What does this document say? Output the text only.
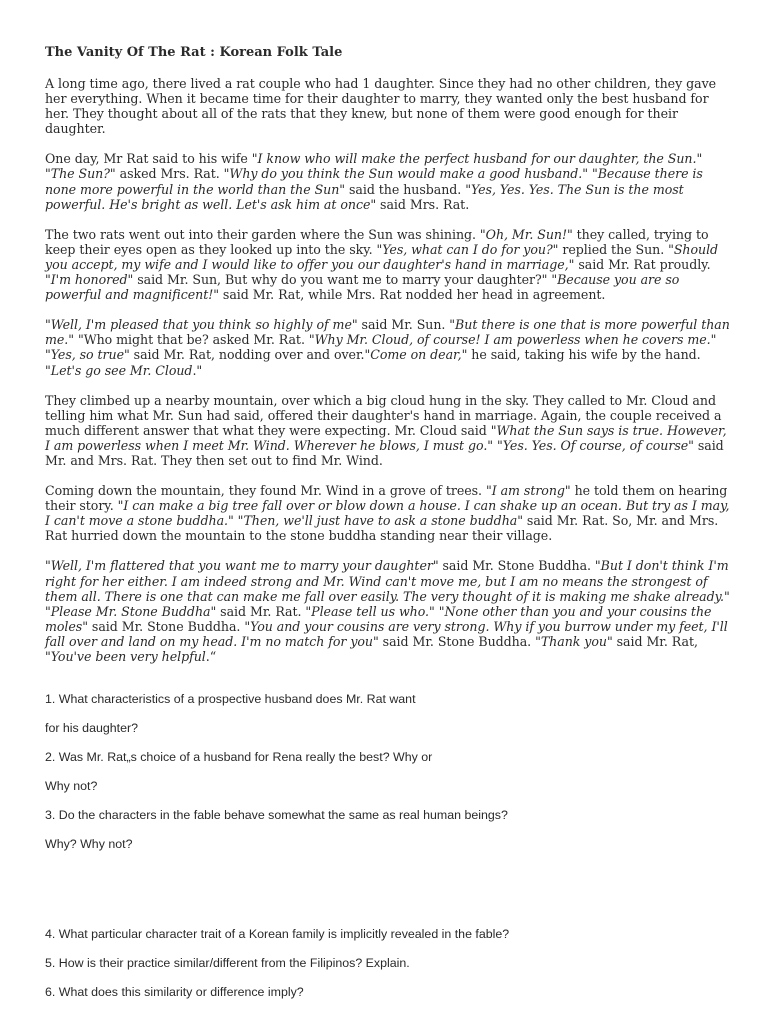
The Vanity Of The Rat : Korean Folk Tale

A long time ago, there lived a rat couple who had 1 daughter. Since they had no other children, they gave her everything. When it became time for their daughter to marry, they wanted only the best husband for her. They thought about all of the rats that they knew, but none of them were good enough for their daughter.

One day, Mr Rat said to his wife "I know who will make the perfect husband for our daughter, the Sun." "The Sun?" asked Mrs. Rat. "Why do you think the Sun would make a good husband." "Because there is none more powerful in the world than the Sun" said the husband. "Yes, Yes. Yes. The Sun is the most powerful. He's bright as well. Let's ask him at once" said Mrs. Rat.

The two rats went out into their garden where the Sun was shining. "Oh, Mr. Sun!" they called, trying to keep their eyes open as they looked up into the sky. "Yes, what can I do for you?" replied the Sun. "Should you accept, my wife and I would like to offer you our daughter's hand in marriage," said Mr. Rat proudly. "I'm honored" said Mr. Sun, But why do you want me to marry your daughter?" "Because you are so powerful and magnificent!" said Mr. Rat, while Mrs. Rat nodded her head in agreement.

"Well, I'm pleased that you think so highly of me" said Mr. Sun. "But there is one that is more powerful than me." "Who might that be? asked Mr. Rat. "Why Mr. Cloud, of course! I am powerless when he covers me." "Yes, so true" said Mr. Rat, nodding over and over."Come on dear," he said, taking his wife by the hand. "Let's go see Mr. Cloud."

They climbed up a nearby mountain, over which a big cloud hung in the sky. They called to Mr. Cloud and telling him what Mr. Sun had said, offered their daughter's hand in marriage. Again, the couple received a much different answer that what they were expecting. Mr. Cloud said "What the Sun says is true. However, I am powerless when I meet Mr. Wind. Wherever he blows, I must go." "Yes. Yes. Of course, of course" said Mr. and Mrs. Rat. They then set out to find Mr. Wind.

Coming down the mountain, they found Mr. Wind in a grove of trees. "I am strong" he told them on hearing their story. "I can make a big tree fall over or blow down a house. I can shake up an ocean. But try as I may, I can't move a stone buddha." "Then, we'll just have to ask a stone buddha" said Mr. Rat. So, Mr. and Mrs. Rat hurried down the mountain to the stone buddha standing near their village.

"Well, I'm flattered that you want me to marry your daughter" said Mr. Stone Buddha. "But I don't think I'm right for her either. I am indeed strong and Mr. Wind can't move me, but I am no means the strongest of them all. There is one that can make me fall over easily. The very thought of it is making me shake already." "Please Mr. Stone Buddha" said Mr. Rat. "Please tell us who." "None other than you and your cousins the moles" said Mr. Stone Buddha. "You and your cousins are very strong. Why if you burrow under my feet, I'll fall over and land on my head. I'm no match for you" said Mr. Stone Buddha. "Thank you" said Mr. Rat, "You've been very helpful.“

1. What characteristics of a prospective husband does Mr. Rat want

for his daughter?

2. Was Mr. Rat„s choice of a husband for Rena really the best? Why or

Why not?

3. Do the characters in the fable behave somewhat the same as real human beings?

Why? Why not?

4. What particular character trait of a Korean family is implicitly revealed in the fable?

5. How is their practice similar/different from the Filipinos? Explain.

6. What does this similarity or difference imply?
